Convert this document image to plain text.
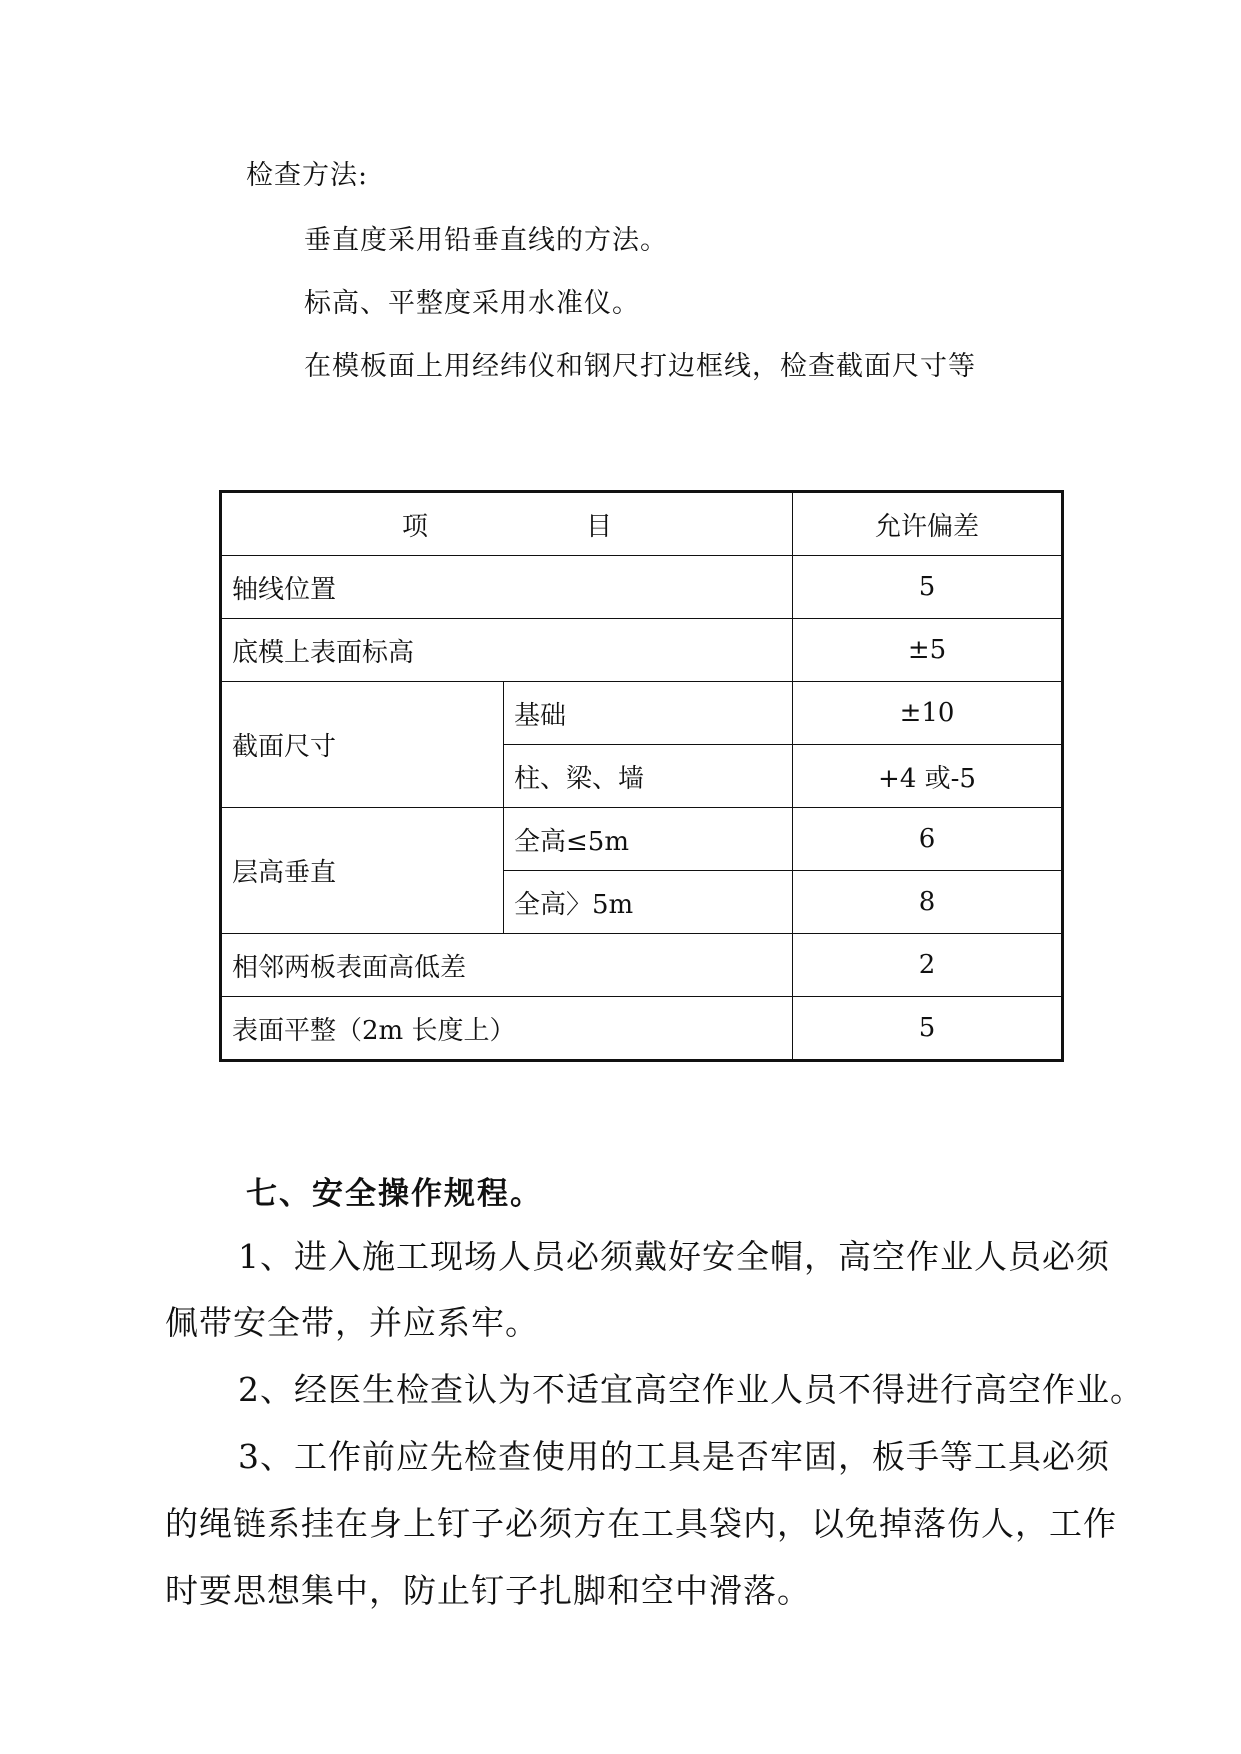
检查方法:

垂直度采用铅垂直线的方法。

标高、平整度采用水准仪。

在模板面上用经纬仪和钢尺打边框线，检查截面尺寸等

项 目		允许偏差
轴线位置		5
底模上表面标高		±5
截面尺寸	基础	±10
	柱、梁、墙	+4 或-5
层高垂直	全高≤5m	6
	全高〉5m	8
相邻两板表面高低差		2
表面平整（2m 长度上）		5

七、安全操作规程。

1、进入施工现场人员必须戴好安全帽，高空作业人员必须

佩带安全带，并应系牢。

2、经医生检查认为不适宜高空作业人员不得进行高空作业。

3、工作前应先检查使用的工具是否牢固，板手等工具必须

的绳链系挂在身上钉子必须方在工具袋内，以免掉落伤人，工作

时要思想集中，防止钉子扎脚和空中滑落。
